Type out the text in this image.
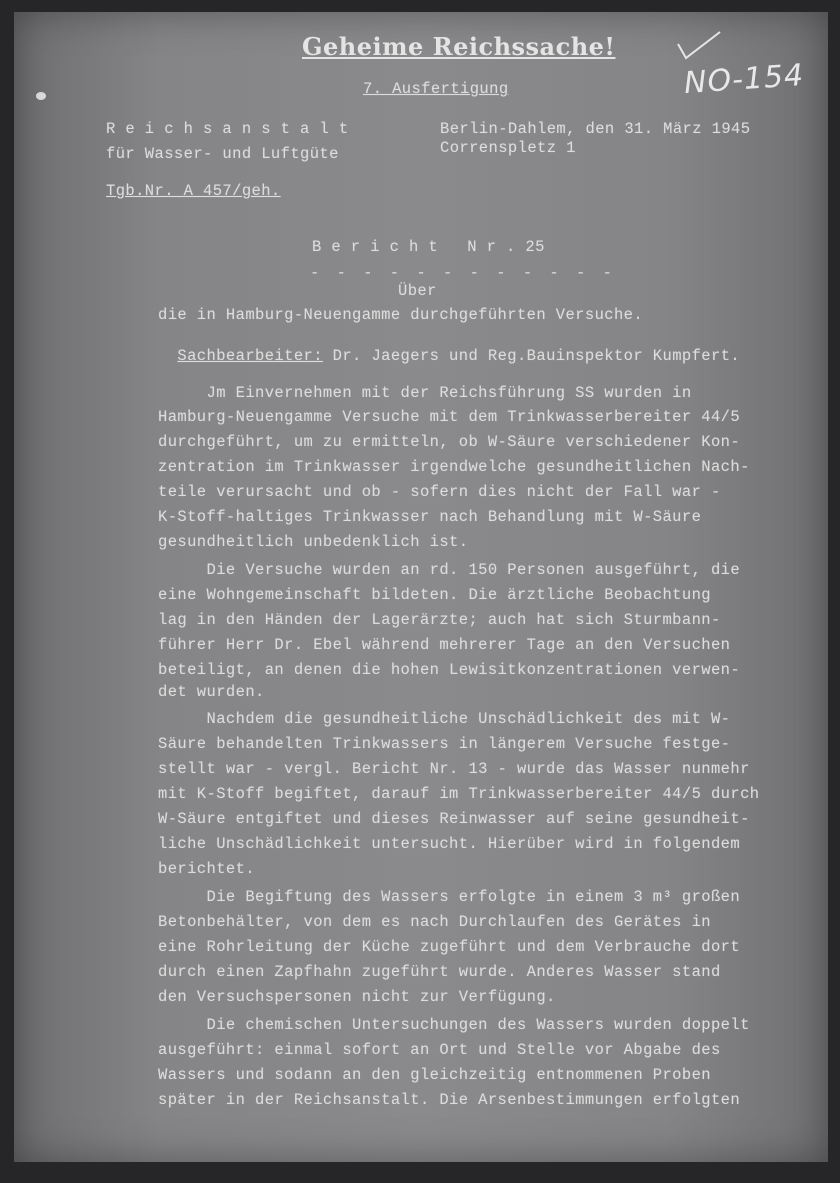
Geheime Reichssache!
NO-154
7. Ausfertigung
R e i c h s a n s t a l t
für Wasser- und Luftgüte
Tgb.Nr. A 457/geh.
Berlin-Dahlem, den 31. März 1945
Correnspletz 1
B e r i c h t   N r . 25
- - - - - - - - - - - -
Über
die in Hamburg-Neuengamme durchgeführten Versuche.

Sachbearbeiter: Dr. Jaegers und Reg.Bauinspektor Kumpfert.

Jm Einvernehmen mit der Reichsführung SS wurden in
Hamburg-Neuengamme Versuche mit dem Trinkwasserbereiter 44/5
durchgeführt, um zu ermitteln, ob W-Säure verschiedener Kon-
zentration im Trinkwasser irgendwelche gesundheitlichen Nach-
teile verursacht und ob - sofern dies nicht der Fall war -
K-Stoff-haltiges Trinkwasser nach Behandlung mit W-Säure
gesundheitlich unbedenklich ist.
Die Versuche wurden an rd. 150 Personen ausgeführt, die
eine Wohngemeinschaft bildeten. Die ärztliche Beobachtung
lag in den Händen der Lagerärzte; auch hat sich Sturmbann-
führer Herr Dr. Ebel während mehrerer Tage an den Versuchen
beteiligt, an denen die hohen Lewisitkonzentrationen verwen-
det wurden.
Nachdem die gesundheitliche Unschädlichkeit des mit W-
Säure behandelten Trinkwassers in längerem Versuche festge-
stellt war - vergl. Bericht Nr. 13 - wurde das Wasser nunmehr
mit K-Stoff begiftet, darauf im Trinkwasserbereiter 44/5 durch
W-Säure entgiftet und dieses Reinwasser auf seine gesundheit-
liche Unschädlichkeit untersucht. Hierüber wird in folgendem
berichtet.
Die Begiftung des Wassers erfolgte in einem 3 m³ großen
Betonbehälter, von dem es nach Durchlaufen des Gerätes in
eine Rohrleitung der Küche zugeführt und dem Verbrauche dort
durch einen Zapfhahn zugeführt wurde. Anderes Wasser stand
den Versuchspersonen nicht zur Verfügung.
Die chemischen Untersuchungen des Wassers wurden doppelt
ausgeführt: einmal sofort an Ort und Stelle vor Abgabe des
Wassers und sodann an den gleichzeitig entnommenen Proben
später in der Reichsanstalt. Die Arsenbestimmungen erfolgten
